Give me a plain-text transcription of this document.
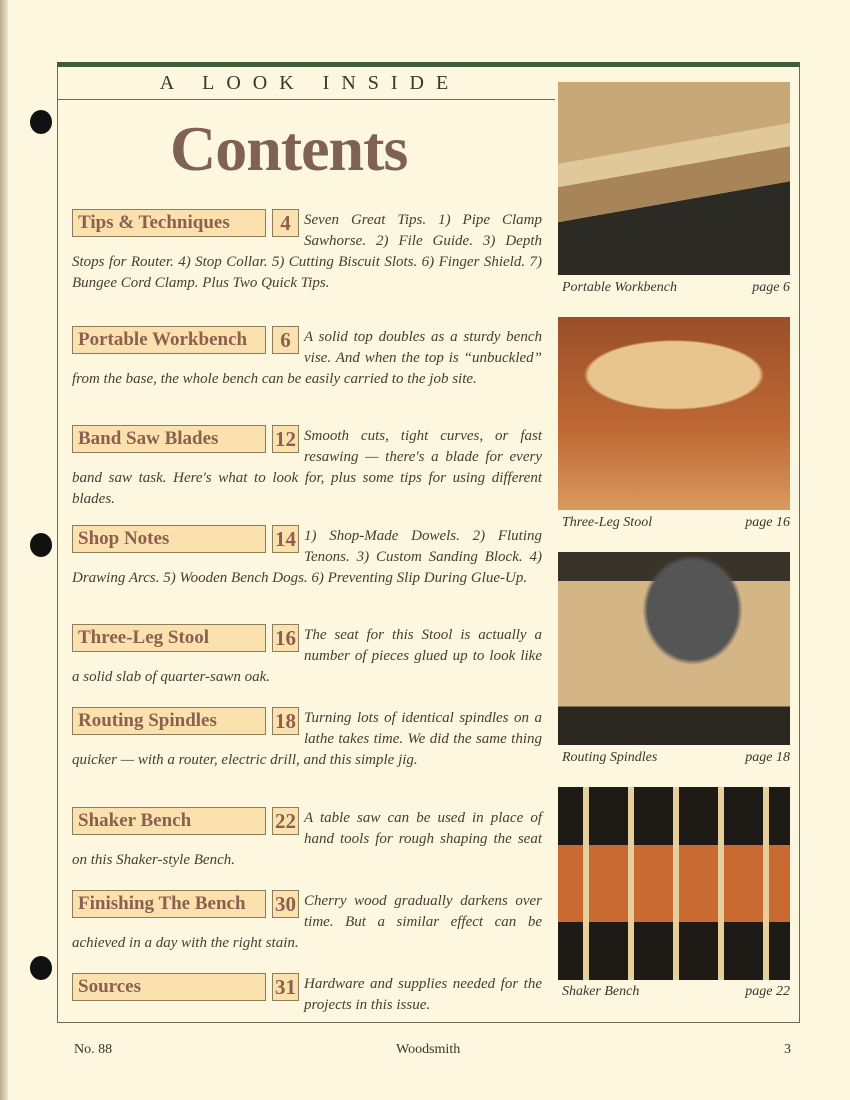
A LOOK INSIDE
Contents
Tips & Techniques	4 Seven Great Tips. 1) Pipe Clamp Sawhorse. 2) File Guide. 3) Depth Stops for Router. 4) Stop Collar. 5) Cutting Biscuit Slots. 6) Finger Shield. 7) Bungee Cord Clamp. Plus Two Quick Tips.
Portable Workbench	6 A solid top doubles as a sturdy bench vise. And when the top is “unbuckled” from the base, the whole bench can be easily carried to the job site.
Band Saw Blades	12 Smooth cuts, tight curves, or fast resawing — there's a blade for every band saw task. Here's what to look for, plus some tips for using different blades.
Shop Notes	14 1) Shop-Made Dowels. 2) Fluting Tenons. 3) Custom Sanding Block. 4) Drawing Arcs. 5) Wooden Bench Dogs. 6) Preventing Slip During Glue-Up.
Three-Leg Stool	16 The seat for this Stool is actually a number of pieces glued up to look like a solid slab of quarter-sawn oak.
Routing Spindles	18 Turning lots of identical spindles on a lathe takes time. We did the same thing quicker — with a router, electric drill, and this simple jig.
Shaker Bench	22 A table saw can be used in place of hand tools for rough shaping the seat on this Shaker-style Bench.
Finishing The Bench	30 Cherry wood gradually darkens over time. But a similar effect can be achieved in a day with the right stain.
Sources	31 Hardware and supplies needed for the projects in this issue.
Portable Workbench	page 6
Three-Leg Stool	page 16
Routing Spindles	page 18
Shaker Bench	page 22
No. 88	Woodsmith	3
